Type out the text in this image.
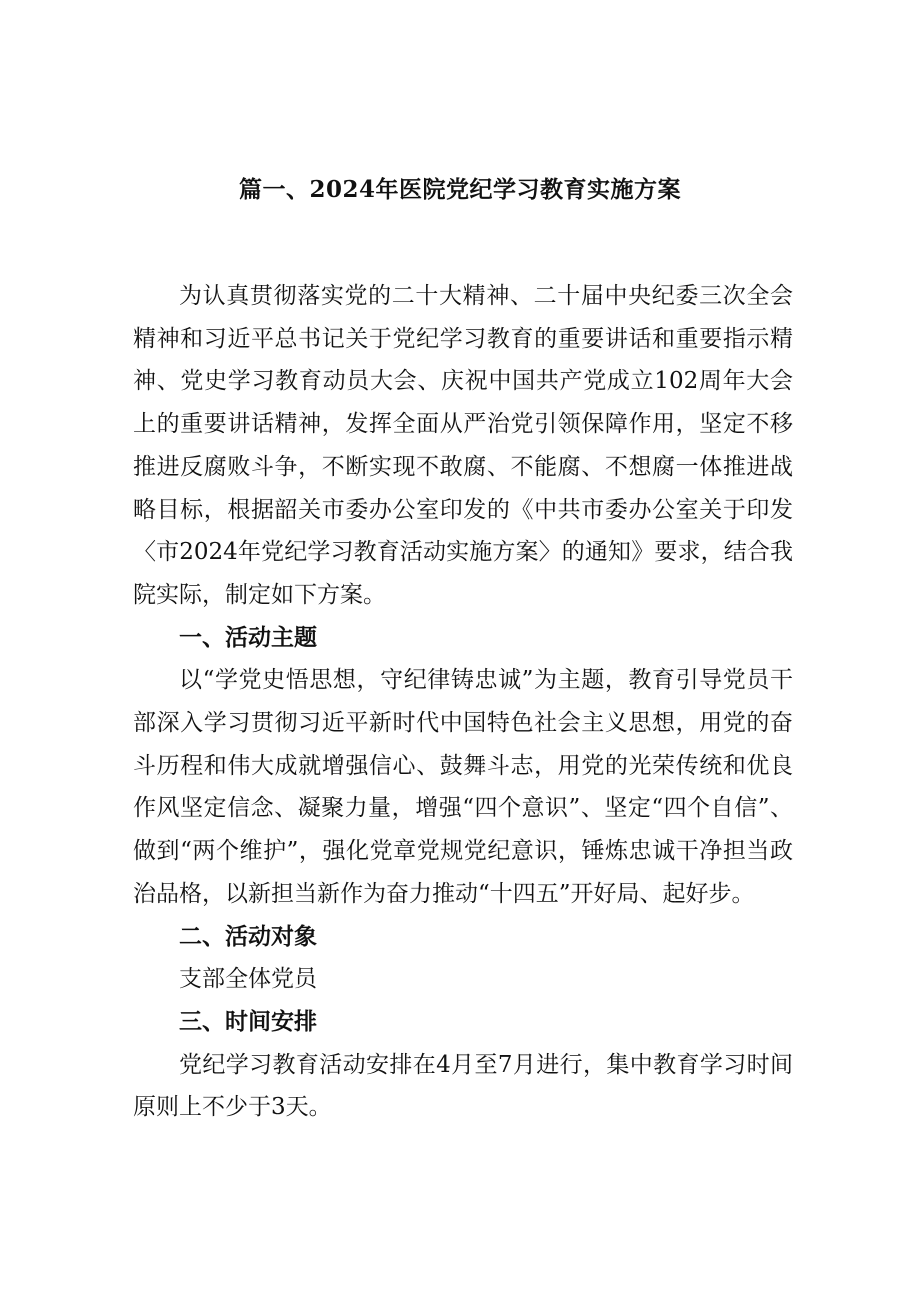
篇一、2024年医院党纪学习教育实施方案

为认真贯彻落实党的二十大精神、二十届中央纪委三次全会精神和习近平总书记关于党纪学习教育的重要讲话和重要指示精神、党史学习教育动员大会、庆祝中国共产党成立102周年大会上的重要讲话精神，发挥全面从严治党引领保障作用，坚定不移推进反腐败斗争，不断实现不敢腐、不能腐、不想腐一体推进战略目标，根据韶关市委办公室印发的《中共市委办公室关于印发〈市2024年党纪学习教育活动实施方案〉的通知》要求，结合我院实际，制定如下方案。

一、活动主题

以“学党史悟思想，守纪律铸忠诚”为主题，教育引导党员干部深入学习贯彻习近平新时代中国特色社会主义思想，用党的奋斗历程和伟大成就增强信心、鼓舞斗志，用党的光荣传统和优良作风坚定信念、凝聚力量，增强“四个意识”、坚定“四个自信”、做到“两个维护”，强化党章党规党纪意识，锤炼忠诚干净担当政治品格，以新担当新作为奋力推动“十四五”开好局、起好步。

二、活动对象

支部全体党员

三、时间安排

党纪学习教育活动安排在4月至7月进行，集中教育学习时间原则上不少于3天。
